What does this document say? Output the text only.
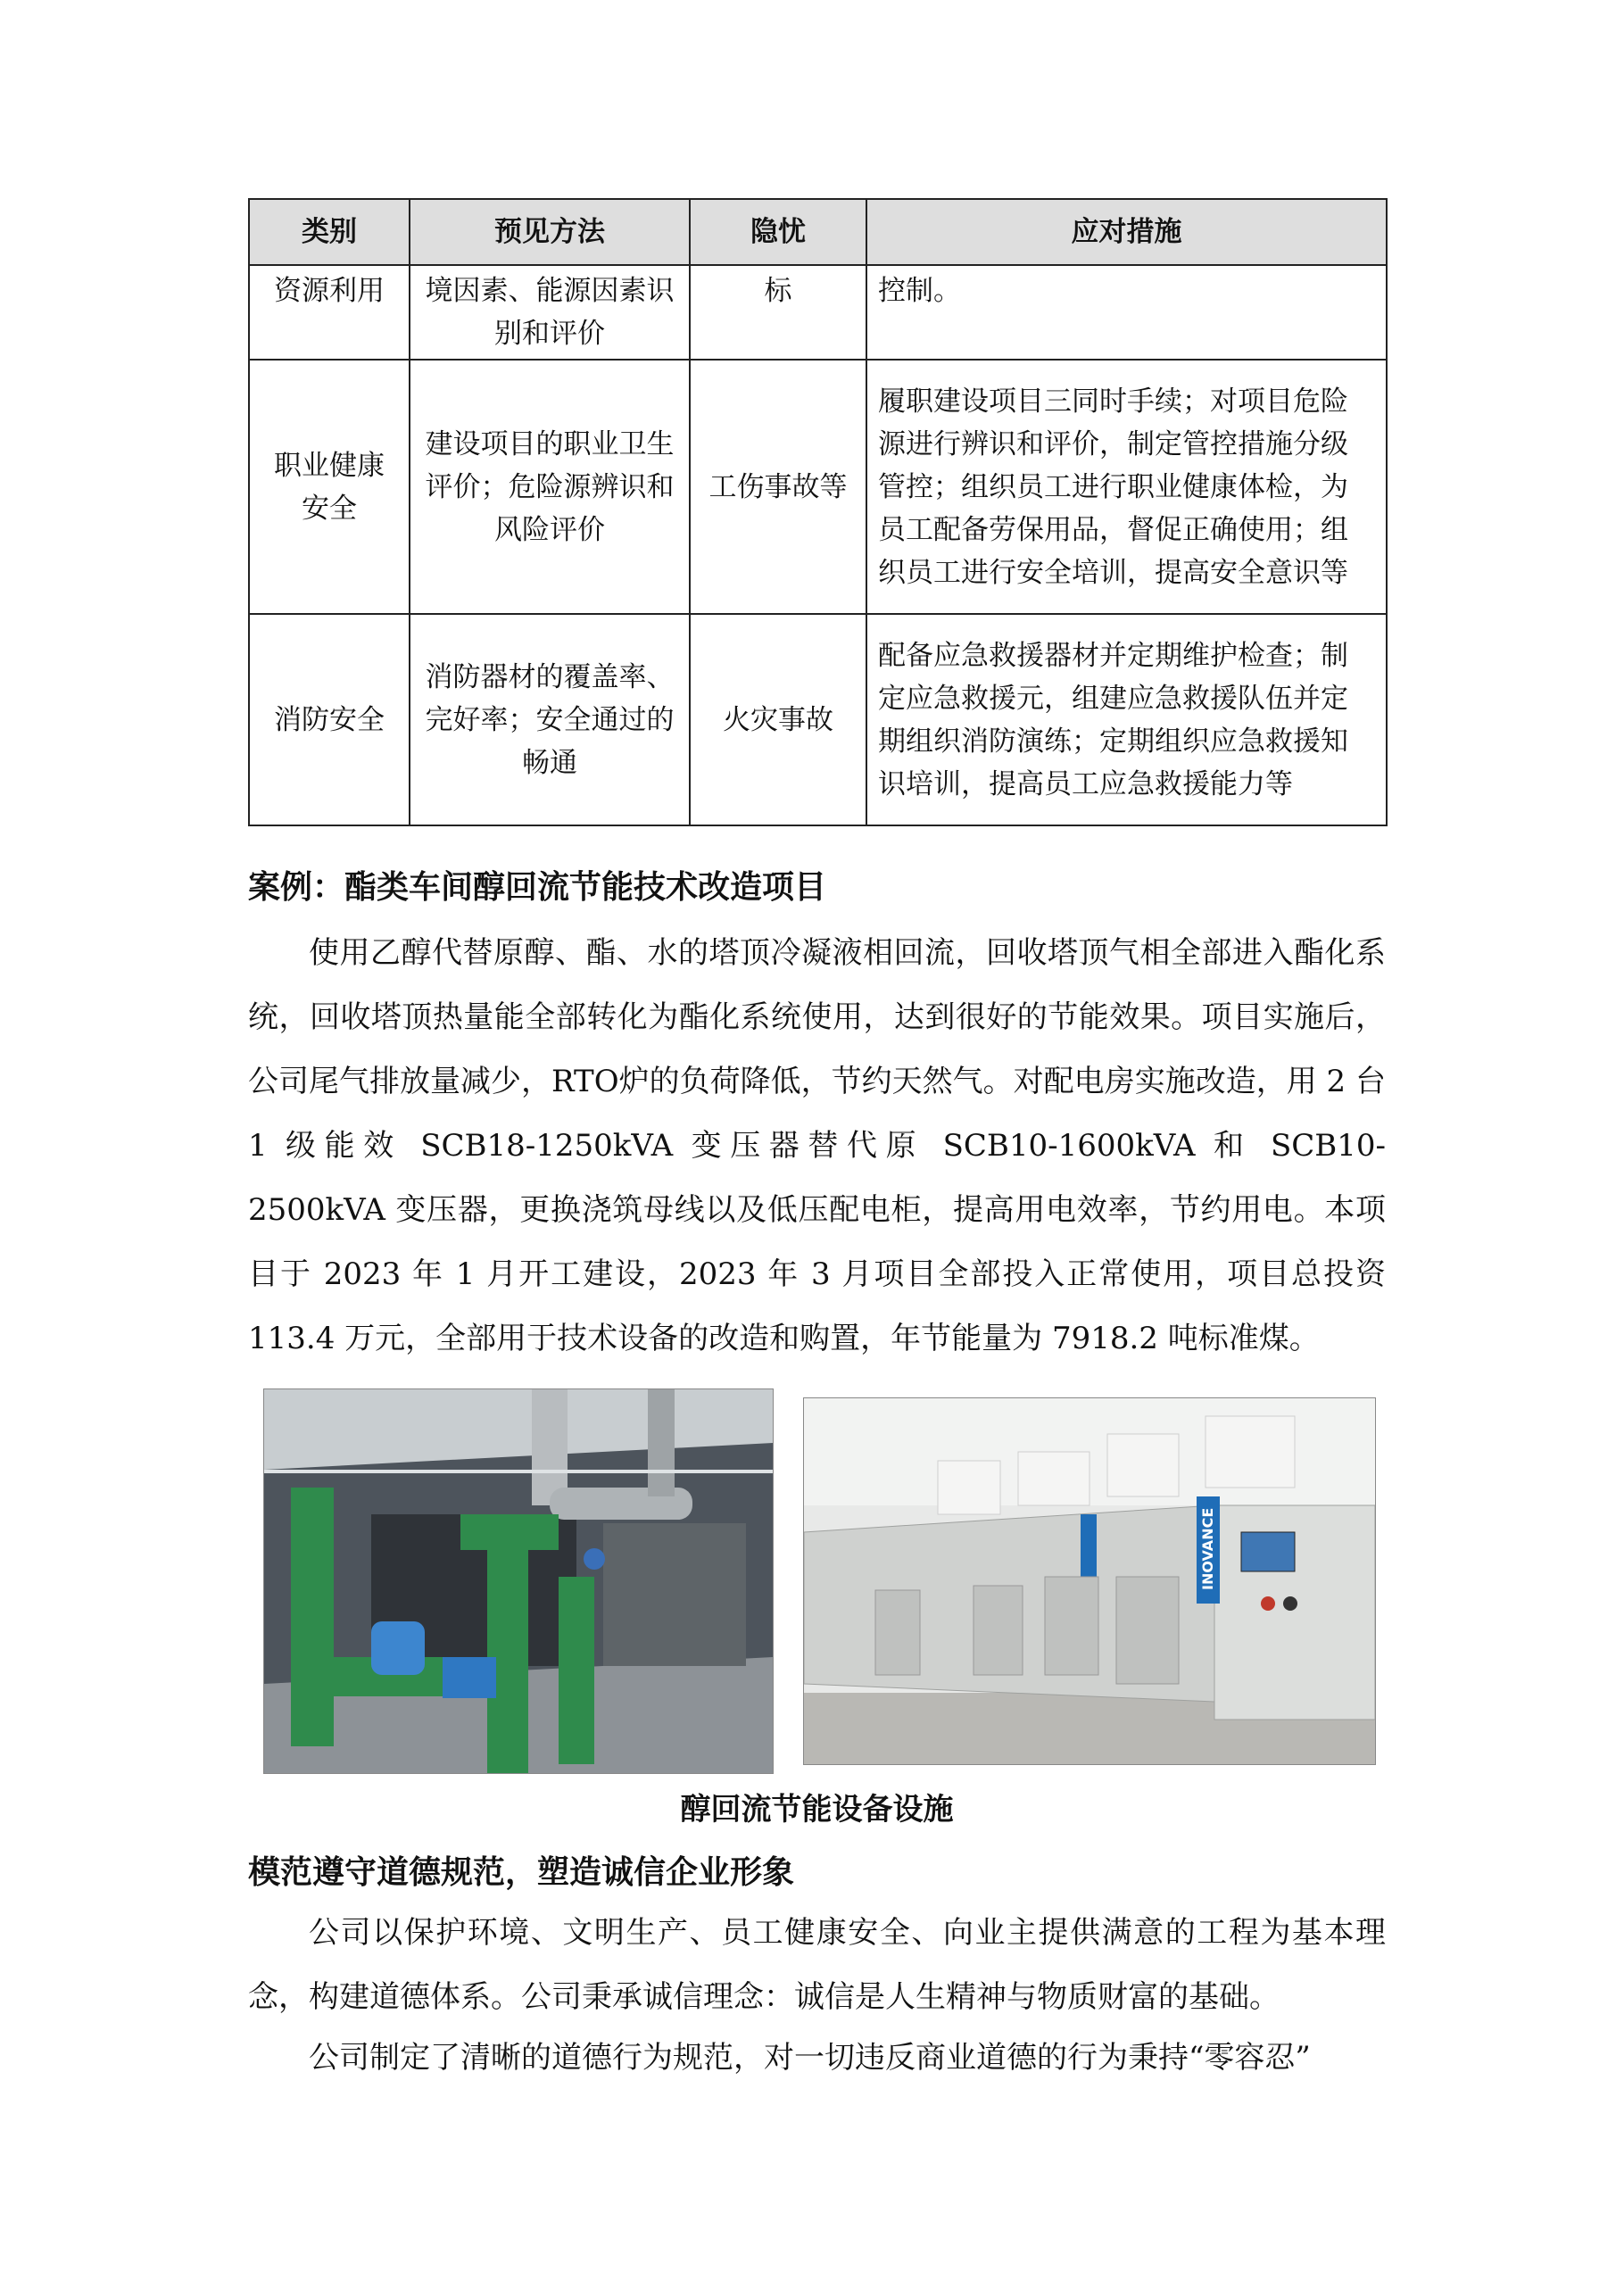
类别	预见方法	隐忧	应对措施
资源利用	境因素、能源因素识别和评价	标	控制。
职业健康安全	建设项目的职业卫生评价；危险源辨识和风险评价	工伤事故等	履职建设项目三同时手续；对项目危险源进行辨识和评价，制定管控措施分级管控；组织员工进行职业健康体检，为员工配备劳保用品，督促正确使用；组织员工进行安全培训，提高安全意识等
消防安全	消防器材的覆盖率、完好率；安全通过的畅通	火灾事故	配备应急救援器材并定期维护检查；制定应急救援元，组建应急救援队伍并定期组织消防演练；定期组织应急救援知识培训，提高员工应急救援能力等
案例：酯类车间醇回流节能技术改造项目

使用乙醇代替原醇、酯、水的塔顶冷凝液相回流，回收塔顶气相全部进入酯化系统，回收塔顶热量能全部转化为酯化系统使用，达到很好的节能效果。项目实施后，公司尾气排放量减少，RTO炉的负荷降低，节约天然气。对配电房实施改造，用 2 台 1 级能效 SCB18-1250kVA 变压器替代原 SCB10-1600kVA 和 SCB10-2500kVA 变压器，更换浇筑母线以及低压配电柜，提高用电效率，节约用电。本项目于 2023 年 1 月开工建设，2023 年 3 月项目全部投入正常使用，项目总投资 113.4 万元，全部用于技术设备的改造和购置，年节能量为 7918.2 吨标准煤。

INOVANCE

醇回流节能设备设施

模范遵守道德规范，塑造诚信企业形象

公司以保护环境、文明生产、员工健康安全、向业主提供满意的工程为基本理念，构建道德体系。公司秉承诚信理念：诚信是人生精神与物质财富的基础。

公司制定了清晰的道德行为规范，对一切违反商业道德的行为秉持“零容忍”
